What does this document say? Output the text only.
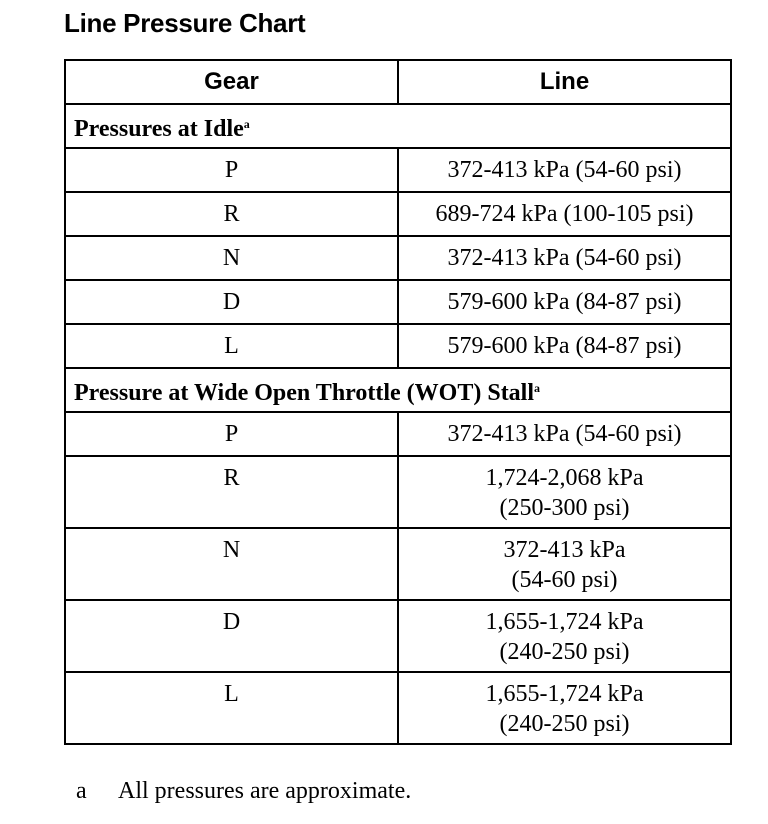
Line Pressure Chart
Gear	Line
Pressures at Idle$^a$
P	372-413 kPa (54-60 psi)
R	689-724 kPa (100-105 psi)
N	372-413 kPa (54-60 psi)
D	579-600 kPa (84-87 psi)
L	579-600 kPa (84-87 psi)
Pressure at Wide Open Throttle (WOT) Stall$^a$
P	372-413 kPa (54-60 psi)
R	1,724-2,068 kPa
(250-300 psi)

N	372-413 kPa
(54-60 psi)

D	1,655-1,724 kPa
(240-250 psi)

L	1,655-1,724 kPa
(240-250 psi)
a All pressures are approximate.
